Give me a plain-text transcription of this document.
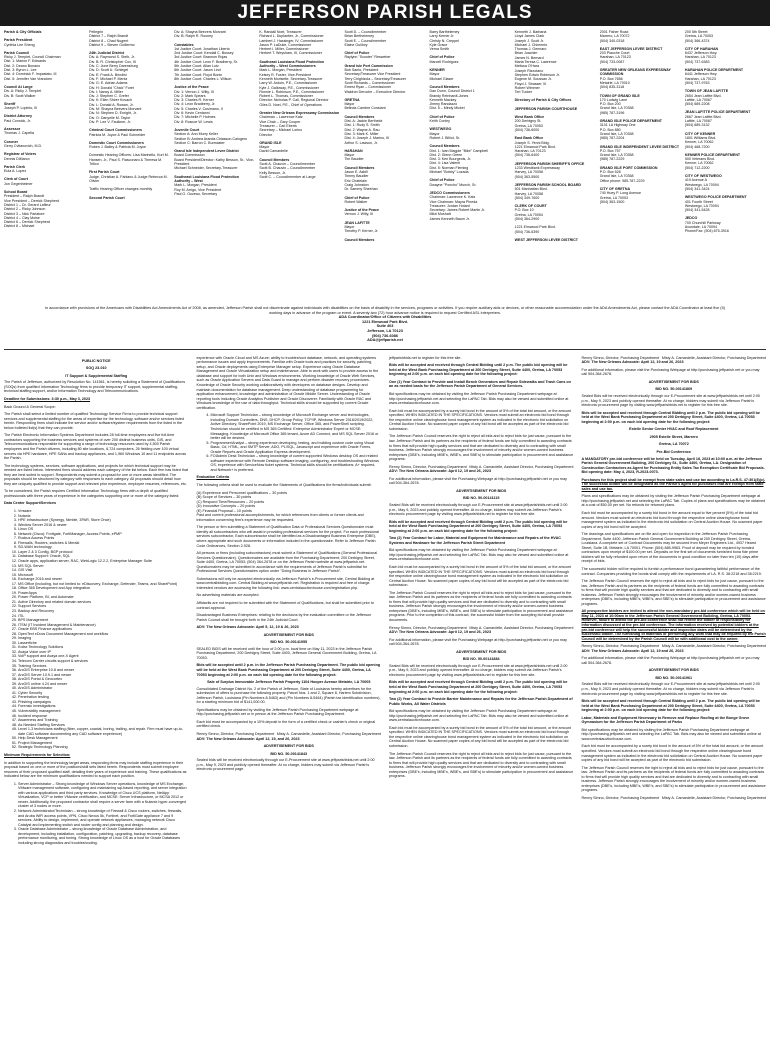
JEFFERSON PARISH LEGALS
Parish & City Officials
Parish President
Cynthia Lee Sheng
Parish Council
Ricky J. Templet, Council Chairman
Dist. 1: Marion F. Edwards
Dist. 2: Deano Bonano
Dist. 3: Byron L. Lee
Dist. 4: Dominick F. Impastato, III
Dist. 5: Jennifer Van Vrancken
Council At Large
Div. A: Ricky J. Templet
Div. B: Scott Walker
Sheriff
Joseph P. Lopinto, III
District Attorney
Paul Connick, Jr.
Assessor
Thomas J. Capella
Coroner
Gerry Cvitanovich, M.D.
Registrar of Voters
Dennis DiMarco
Parish Clerk
Eula A. Lopez
Clerk of Court
Jon Gegenheimer
School Board
President – Ralph Brandt
Vice President – Derrick Shepherd
District 1 – Dr. Gerard Lafleur
District 2 – Ricky Johnson
District 3 – Nick Parlatore
District 4 – Clay Moise
District 6 – Derrick Shepherd
District 8 – Michael
Pellegrin
District 7 – Ralph Brandt
District 8 – Chad Nugent
District 9 – Steven Guillermo
24th Judicial District
Div. A: Raymond S. Steib, Jr.
Div. B: R. Christopher Cox, III
Div. C: June Berry Darensburg
Div. D: Scott U. Schlegel
Div. E: Frank A. Brindisi
Div. F: Michael P. Mentz
Div. G: E. Adrian Adams
Div. H: Donald "Chick" Foret
Div. I: Nancy A. Miller
Div. J: Stephen C. Grefer
Div. K: Ellen Shirer Kovach
Div. L: Donald A. Rowan, Jr.
Div. M: Shayna Beevers Morvant
Div. N: Stephen D. Enright, Jr.
Div. O: Danyelle M. Taylor
Div. P: Lee V. Faulkner, Jr.
Criminal Court Commissioners
Patricia M. Joyce & Paul Schneider
Domestic Court Commissioners
Ruben J. Bailey & Patricia M. Joyce
Domestic Hearing Officers: Lisa Marinello, Kurt M. Hansen, Jr., Paul S. Fiasconaro & Theresa M. Tritico
First Parish Court
Judge, Christian A. Fabiano & Judge Rebecca M. Olivier
Traffic Hearing Officer changes monthly
Second Parish Court
Div. A: Shayna Beevers Morvant
Div. B: Ralph R. Rooney
Constables
1st Justice Court: Jonathan Liberto
2nd Justice Court: Kendall C. Bussey
3rd Justice Court: Brannon Rojas
4th Justice Court: Leon F. Bradberry, Sr.
5th Justice Court: Allan Lutz
6th Justice Court: Jason Lind
7th Justice Court: Floyd Bonin
8th Justice Court: Charles L. Wilson
Justice of the Peace
Div. 1: Vernon J. Wilty, III
Div. 2: Mark Spears
Div. 3: Charles R. Kerner
Div. 4: Leon Bradberry, Jr.
Div. 5: Charles V. Cusimano, II
Div. 6: Kevin Centanni
Div. 7: Michelle P. Holmes
Div. 8: Roscoe W. Lewis
Juvenile Court
Section A: Ann Murry Keller
Section B: Andrea Aranda Chiasson-Calogero
Section C: Barron C. Burmaster
Grand Isle Independent Levee District
Board Commission
Board President/Director: Kathy Besson, Sr., Vice-President
Michael Schneider, Secretary-Treasurer
Southeast Louisiana Flood Protection Authority – West
Mark L. Morgan, President
Roy M. Arrigo, Vice President
Paul G. Ouzeau, Secretary
K. Randall Noel, Treasurer
Richard L. Duplantier, Jr., Commissioner
Lambert J. Hassinger, IV, Commissioner
Jason P. LaDuke, Commissioner
Herbert I. Miller, Commissioner
Herbert T. Weysham, III, Commissioner
Southeast Louisiana Flood Protection Authority – West Commissioners
Mark L. Morgan, President
Kelsey R. Foster, Vice-President
Kenneth Morisette, Secretary-Treasurer
Larry W. Ardoin, P.E., Commissioner
Kyle J. Galloway, P.E., Commissioner
Ronnie L. Robinson, P.E., Commissioner
Robert L. Thomas, Commissioner
Director: Nicholas P. Cali, Regional Director
Giles D. Noel, P.E., Chief of Operations
Greater New Orleans Expressway Commission
Chairman – Lawrence Katz
Vice Chair – Gary Cooper
Treasurer – Carl Eberts
Secretary – Michael Lorino
Director
GRAND ISLE
Mayor
David Camardelle
Council Members
Scott A. Chauvin – Councilmember
Scott B. Chauvin – Councilmember
Kelly Besson, Jr.
Scott C. – Councilmember at Large
Scott D. – Councilmember
Brian Berthelemey
Scott E. – Councilmember
Elaine Guillory
Chief of Police
Raylynn "Scooter" Resweber
Grand Isle Port Commission
Bob Santo, President
Secretary/Treasurer Vice President
Terry Chighizola – Secretary/Treasurer
Scott Richards – Commissioner
Ernest Ryan – Commissioner
Waldron Deroche – Executive Director
GRETNA
Mayor
Belinda Cambre Constant
Council Members
Dist. A: Jackie Berthelot
Dist. 1: Rudy S. Smith
Dist. 2: Wayne A. Rau
Dist. 3: Mark K. Miller
Dist. 4: Joseph J. Marino, III
Arthur S. Lawson, Jr.
HARAHAN
Mayor
Tim Baudier
Council Members
Jason E. Asbill
Timmy Baudier
Eric Chatelain
Craig Johnston
Dr. Sammy Sheehan
Chief of Police
Robert Walker
Justice of the Peace
Vernon J. Wilty, III
JEAN LAFITTE
Mayor
Timothy P. Kerner, Jr.
Council Members
Barry Barthelemey
Larry Kerner Jr.
Christy N. Creppel
Kyle Grace
Verna Smith
Chief of Police
Marcell Rodriguez
KENNER
Mayor
Michael Glaser
Council Members
Dan Dunn, Council District 1
Brandy Reinhardt-Jones
Kenneth Mackey
Jimmy Randazzo
Dist. 5 – Mindy Mickel
Chief of Police
Keith Conley
WESTWEGO
Mayor
Robert J. Billiot, Sr.
Council Members
Dist. 1: Ivan Magpie "Bike" Campbell
Dist. 2: Glenn Green
Dist. 3: Ken Bourgeois, Jr.
Dist. 4: Lisa Valenti
Dist. 5: Norman Fleming
Michael "Bobby" Lozada
Chief of Police
Dwayne "Poncho" Munch, Sr.
JEDCO Commissioners
Chairman: Lawrence K. Katz
Vice Chairman: Mayra Pineda
Treasurer: Jordan Hotard
Secretary: James Robert Martin Jr.
Mitzi Mushatt
James Kenneth Baum Jr.
Kenneth J. Barbaria
Lloyd James Clark
Joseph J. Scott Jr.
Michael J. Chimento
Thomas J. Gennaro
Brian Joachim
James N. Bernard
Maria Teresa C. Lawrence
Melissa O'Hara
Joseph Rizzotano
Stephen Edwin Robinson Jr.
Eugene M. Soussan Jr.
Floyd J. Strasser, III
Robert Wimmer
Teri Tucker
Directory of Parish & City Offices
JEFFERSON PARISH COURTHOUSE
West Bank Office
200 Derbigny St.
Gretna, LA 70053
(504) 736-6000
East Bank Office
Joseph S. Yenni Bldg.
1221 Elmwood Park Blvd.
Harahan, LA 70123
(504) 736-6400
JEFFERSON PARISH SHERIFF'S OFFICE
1233 Westbank Expressway
Harvey, LA 70058
(504) 363-5500
JEFFERSON PARISH SCHOOL BOARD
501 Manhattan Blvd.
Harvey, LA 70058
(504) 349-7600
CLERK OF COURT
P.O. Box 10
Gretna, LA 70054
(504) 364-2900
1221 Elmwood Park Blvd.
(504) 736-6390
WEST JEFFERSON LEVEE DISTRICT
2001 Fisher Road
Marrero, LA 70072
(504) 340-0318
EAST JEFFERSON LEVEE DISTRICT
203 Plauche Court
Harahan, LA 70123
(504) 733-0087
GREATER NEW ORLEANS EXPRESSWAY COMMISSION
P.O. Box 7656
Metairie, LA 70010
(504) 835-3118
TOWN OF GRAND ISLE
170 Ludwig Lane
P.O. Box 200
Grand Isle, LA 70358
(985) 787-3196
GRAND ISLE POLICE DEPARTMENT
3101 LA Highway One
P.O. Box 880
Grand Isle, LA 70358
(985) 787-2204
GRAND ISLE INDEPENDENT LEVEE DISTRICT
P.O. Box 757
Grand Isle, LA 70358
(985) 787-2229
GRAND ISLE PORT COMMISSION
P.O. Box 528
Grand Isle, LA 70358
Office phone: 985-787-2229
CITY OF GRETNA
740 Huey P. Long Avenue
Gretna, LA 70053
(504) 363-1500
200 5th Street
Gretna, LA 70053
(504) 366-4374
CITY OF HARAHAN
6437 Jefferson Hwy.
Harahan, LA 70123
(504) 737-6383
HARAHAN POLICE DEPARTMENT
6441 Jefferson Hwy.
Harahan, LA 70123
(504) 737-9763
TOWN OF JEAN LAFITTE
2654 Jean Lafitte Blvd.
Lafitte, LA 70067
(504) 689-2208
JEAN LAFITTE POLICE DEPARTMENT
2667 Jean Lafitte Blvd.
Lafitte, LA 70067
(504) 689-3132
CITY OF KENNER
1801 Williams Blvd.
Kenner, LA 70062
(504) 468-7200
KENNER POLICE DEPARTMENT
500 Veterans Blvd.
Kenner, LA 70062
(504) 712-2200
CITY OF WESTWEGO
419 Avenue A
Westwego, LA 70094
(504) 341-3424
WESTWEGO POLICE DEPARTMENT
401 Fourth Street
Westwego, LA 70094
(504) 341-5428
JEDCO
700 Churchill Parkway
Avondale, LA 70094
Phone/Fax: (504) 875-3916
In accordance with provisions of the Americans with Disabilities Act Amendments Act of 2008, as amended, Jefferson Parish shall not discriminate against individuals with disabilities on the basis of disability in the services, programs or activities. If you require auxiliary aids or devices, or other reasonable accommodation under the ADA Amendments Act, please contact the ADA Coordinator at least five (5) working days in advance of the program or event. A seventy-two (72) hour advance notice is required to request Certified ASL interpreters.
ADA Coordinator/Office of Citizens with Disabilities
1221 Elmwood Park Blvd.
Suite 403
Jefferson, LA 70123
(504) 736-6086
ADA@jeffparish.net
PUBLIC NOTICE
SOQ 23-010
IT Support & Supplemental Staffing

The Parish of Jefferson, authorized by Resolution No. 141561, is hereby soliciting a Statement of Qualifications (SOQs) from qualified Information Technology firms to provide temporary IT support, supplemental staffing, technical staffing support, and/or Information Technology and Telecommunications.

Deadline for Submissions: 3:30 p.m., May 3, 2023

Back Ground & General Scope:

The Parish shall select a limited number of qualified Technology Service Firms to provide technical support services and supplemental staffing for the areas of expertise for the technology, software and/or services listed herein. Responding firms shall indicate the service and/or software/system requirements from the listed in the below bulleted list(s) that they can provide.

The Parish Electronic Information Systems Department includes 28 full-time employees and five full-time contractors supporting the business services and systems of over 200 distinct business units, GIS, and Telecommunications responsible for supporting a range of technology resources used by 4,500 Parish employees and the Parish citizens, including 80 site locations, 6,724 computers, 26 fielding over 100 virtual servers via HPE hardware, HPE SANs and backup appliances, and 1,960 Windows 10 and 11 endpoints across the Parish.

The technology systems, services, software applications, and projects for which technical support may be needed are listed below. Interested firms should address each category of the list below. Each firm has listed that they are best suited to support. Respondents may submit a proposal for one or more areas identified. The proposals should be structured by category with responses to each category. All proposals should detail how they are uniquely qualified to provide support and relevant prior experience, employee resumes, references, etc.

To be considered, the Parish requires Certified Information Technology firms with a depth of qualified professionals with three years of experience in the categories supporting one or more of the category listed:

Data Center Support/Services

1. Vmware
2. Nutanix
3. HPE Infrastructure (Synergy, Nimble, 3PAR, Store Once)
4. Window Server 2016 & newer
5. Linux OS
6. Network (Cisco): Fortigate, FortiManager, Access Points, ePMP
7. Ruckus Access Points
8. Firewalls, Routers, switches & Meraki
9. SD-WAN technology
10. Layer 2 & 3 Config, BGP protocol
11. Database Support: Oracle, SQL
12. Oracle apps, application server, RAC, WebLogic 12.2.2, Enterprise Manager Suite
13. MS SQL Server
14. GIS Visit
15. Microsoft
16. Exchange 2016 and newer
17. MS Office (including, but not limited to: eDiscovery, Exchange, Defender, Teams, and SharePoint)
18. Office 365 Development and App integration
19. PowerApps
20. Power Platform, BI, and Automate
21. Active Directory and related domain services
22. Support Services
23. Backup and Recovery
24. ITIL
25. BPS Management
26. ITSM (IT Incident Management & Maintenance)
27. Oracle EBS Finance applications
28. OpenText eDocs Document Management and workflow
29. Imaging
30. Lasserfiche
31. Kofax Technology Solutions
32. Avaya Voice over IP
33. VoIP support and Avaya one-X Agent
34. Telecom Carrier circuits support & services
35. Training Services
36. ArcGIS Enterprise 10.8 and newer
37. ArcGIS Server 10.9.1 and newer
38. ArcGIS Portal & Geocortex
39. ArcGIS online 4.24 and newer
40. ArcGIS Administrator
41. Cyber Security
42. Penetration testing
43. Phishing campaigns
44. Forensic investigations
45. Vulnerability management
46. Incident response
47. Awareness and Training
48. As Needed Staffing Services
49. Level 1-3 technicians staffing (fiber, copper, coaxial, boring, trailing, and repair. Firm must have up-to-date CAD software documenting any CAD software experience)
50. Help Desk Management
51. Project Management
52. Strategic Technology Planning

Minimum Requirements for Selection:

In addition to supporting the technology target areas, responding firms may include staffing experience in their proposal based on one or more of the positions/skill sets listed herein. Respondents must submit employee resumes of their proposed qualified staff, detailing their years of experience and training. These qualifications as indicated below are the minimum qualifications needed to support each position.

1. Server Administrator – Strong knowledge of Windows Server operations, knowledge of MS Exchange, VMware management software, configuring and maintaining sql-based reporting, and server integration with various applications and third party services. Knowledge of Cisco UCS platform, NetApp Virtualization, VCP or better VMware certification, and MCSE: Server Infrastructure, or MCSA 2012 or newer. Additionally, the proposed contractor shall require a server farm with a Nutanix hyper-converged cluster of 3 nodes or more.
2. Network Administrator/Technician – strong knowledge of Firewall & Cisco routers, switches, firewalls, and Aruba WiFi access points, VPN, Cisco Nexus 5k, Fortinet, and FortiGate appliance 7 and 9 services. Ability to design, implement, and operate network appliances, managing network Cisco Catalyst and implementing switch and router config and planning and design.
3. Oracle Database Administrator – strong knowledge of Oracle Database Administration, and development, including installation, configuration, patching, upgrading, backup recovery, database performance monitoring, and tuning. Strong knowledge of Linux OS as a host for Oracle Databases including strong diagnostics and troubleshooting.

experience with Oracle Cloud and MS Azure; ability to troubleshoot database, network, and operating systems performance issues and apply improvements. Familiar with Oracle tools and practices for security, patching, setup, and Oracle deployments using Enterprise Manager setup. Experience using Oracle Database Management and Oracle Virtualization setup and maintenance. Able to work with users to provide access to the database and support for both Unix and Windows environments. Working knowledge of Oracle Web Services, such as Oracle Application Servers and Data Guard to manage and perform disaster recovery procedures. Knowledge of Oracle Security working collaboratively with developers on database designs. Develop and maintain documentation for database management. Deep understanding of database programming for application enhancement, knowledge and administration of Oracle Middle Server. Understanding of Oracle reporting tools including Oracle Analytics Publisher and Oracle Discoverer. Familiarity with Oracle RAC and Windows knowledge of the use of data throughput. Technical skills should be supported by current Oracle certification.

4. Microsoft Support Technician – strong knowledge of Microsoft Exchange server and technologies, including Domain Controllers, DNS, DHCP, Group Policy, TCP/IP, Windows Server 2016/2019/2022, Active Directory, SharePoint 2019, MS Exchange Server, Office 365, and PowerShell scripting. Technician should be certified in MS 365 Certified: Enterprise Administrator Expert or MCSE: Messaging. Knowledge of Microsoft Office 365 tenant, Azure AD Connect, and MS SQL Server 2016 or better will be desired.
5. Programmer/Analyst – strong experience developing, testing, and building custom code using Visual Basic, C#, HTML, and SMTP Server, ADO, PL/SQL, Javascript and experience with Oracle Forms, Oracle Reports and Oracle Application Express development.
6. FOIAdmin Desk Technician – strong knowledge of current supported Windows desktop OS and related software experience with Remote Desktop software imaging, configuring, and troubleshooting Windows OS, experience with ServiceNow ticket systems. Technical skills should be certifications: A+ required, and Network+ is preferred.

Evaluation Criteria

The following criteria shall be used to evaluate the Statements of Qualifications the firms/individuals submit:

(A) Experience and Personnel qualifications – 30 points
(B) Scope of Services – 30 points
(C) Respond Time/Resources – 20 points
(D) Innovative Concepts – 20 points
(E) Financial Proposal – 10 points

Past and current professional accomplishments, for which references from clients or former clients and information concerning firm's experience may be requested.

The person or firm submitting a Statement of Qualification Data or Professional Services Questionnaire must identify all subcontractors who will assist in providing professional services for the project. For each professional services subcontractor, Each subcontractor shall be identified as a Disadvantaged Business Enterprise (DBE), where appropriate and such documents or information included in the questionnaire. Refer to Jefferson Parish Code Ordinances, Section 2-928.

All persons or firms (including subcontractors) must submit a Statement of Qualifications (General Professional Services Questionnaire). Questionnaires are available from the Purchasing Department; 200 Derbigny Street, Suite 4400, Gretna, LA 70053; (504) 364-2678 or on the Jefferson Parish website at www.jeffparish.net. Questionnaires may be submitted in accordance with the requirements of Jefferson Parish's submittal for Professional Services Questionnaires option under "Doing Business in Jefferson Parish".

Submissions will only be accepted electronically via Jefferson Parish's e-Procurement site, Central Bidding at www.centralbidding.com. Central Bidding at www.jeffparish.net. Registration is required and free of charge. Interested vendors are accessing the following link: www.centralauctionhouse.com/registration.php.

No advertising materials are accepted.

Affidavits are not required to be submitted with the Statement of Qualifications, but shall be submitted prior to contract approval.

Disadvantaged Business Enterprises: relating to the decisions by the evaluation committee or the Jefferson Parish Council shall be brought forth in the 24th Judicial Court.

ADV: The New Orleans Advocate: April 5, 12, 19 & 26, 2023

ADVERTISEMENT FOR BIDS
BID NO. 50-00141955

SEALED BIDS will be received until the hour of 2:00 p.m. local time on May 11, 2023 in the Jefferson Parish Purchasing Department, 200 Derbigny Street, Suite 4400, Jefferson General Government Building, Gretna, LA 70053.

Bids will be accepted until 2 p.m. in the Jefferson Parish Purchasing Department. The public bid opening will be held at the West Bank Purchasing Department at 200 Derbigny Street, Suite 4400, Gretna, LA 70053 beginning at 2:00 p.m. on each bid opening date for the following project:

Sale of Surplus Immovable Jefferson Parish Property 1104 Hooper Avenue Metairie, LA 70005

Consolidated Drainage District No. 2 of the Parish of Jefferson, State of Louisiana hereby advertises for the submission of offers to purchase the following property, Parcel Nos. 1 and 2, Square 8, Harlem Subdivision, Jefferson Parish, Louisiana (Pin Numbers 8-5463) and (Pin Numbers 8-5464) (Parish tax identification numbers), for a starting minimum bid of $141,000.00.

Specifications may be obtained by visiting the Jefferson Parish Purchasing Department webpage at http://purchasing.jeffparish.net or in person at the Jefferson Parish Purchasing Department.

Each bid must be accompanied by a 10% deposit in the form of a certified check or cashier's check or original certified check.

Renny Simno, Director, Purchasing Department Misty A. Camardelle, Assistant Director, Purchasing Department

ADV: The New Orleans Advocate: April 12, 19, and 26, 2023

ADVERTISEMENT FOR BIDS
BID NO. 50-00141843

Sealed bids will be received electronically through our E-Procurement site at www.jeffparishbids.net until 2:00 p.m., May 9, 2023 and publicly opened thereafter. At no charge, bidders may submit via Jefferson Parish's electronic procurement page.

jeffparishbids.net to register for this free site.

Bids will be accepted and received through Central Bidding until 2 p.m. The public bid opening will be held at the West Bank Purchasing Department at 200 Derbigny Street, Suite 4400, Gretna, LA 70053 beginning at 2:00 p.m. on each bid opening date for the following project:

One (1) Year Contract to Provide and Install Bench Generators and Repair Sidewalks and Trash Cans on an as needed basis for the Jefferson Parish Department of General Services.

Bid specifications may be obtained by visiting the Jefferson Parish Purchasing Department webpage at http://purchasing.jeffparish.net and selecting the LaPAC Tab. Bids may also be viewed and submitted online at www.centralauctionhouse.com.

Each bid must be accompanied by a surety bid bond in the amount of 5% of the total bid amount, or the amount specified. WHEN INDICATED IN THE SPECIFICATIONS. Vendors must submit an electronic bid bond through the respective online clearinghouse bond management system as indicated in the electronic bid solicitation on Central Auction House. No scanned paper copies of any bid bond will be accepted as part of the electronic bid submission.

The Jefferson Parish Council reserves the right to reject all bids and to reject bids for just cause, pursuant to the law. Jefferson Parish and its partners as the recipients of federal funds are fully committed to awarding contracts to firms that will provide high quality services and that are dedicated to diversity and to contracting with small business. Jefferson Parish strongly encourages the involvement of minority and/or women-owned business enterprises (DBE's, including MBE's, WBE's, and SBE's) to stimulate participation in procurement and assistance programs.

Renny Simno, Director, Purchasing Department Misty A. Camardelle, Assistant Director, Purchasing Department

ADV: The New Orleans Advocate: April 12, 19 and 26, 2023

For additional information, please visit the Purchasing Webpage at http://purchasing.jeffparish.net or you may call 504-364-2678.

ADVERTISEMENT FOR BIDS
BID NO. 50-00141115

Sealed Bids will be received electronically through our E-Procurement site at www.jeffparishbids.net until 2:00 p.m., May 9, 2023 and publicly opened thereafter. At no charge, bidders may submit via Jefferson Parish's electronic procurement page by visiting www.jeffparishbids.net to register for this free site.

Bids will be accepted and received through Central Bidding until 2 p.m. The public bid opening will be held at the West Bank Purchasing Department at 200 Derbigny Street, Suite 4400, Gretna, LA 70053 beginning at 2:00 p.m. on each bid opening date for the following project:

Two (2) Year Contract for Labor, Material and Equipment for Maintenance and Repairs of the HVAC Systems and Hardware for the Jefferson Parish Street Department

Bid specifications may be obtained by visiting the Jefferson Parish Purchasing Department webpage at http://purchasing.jeffparish.net and selecting the LaPAC Tab. Bids may also be viewed and submitted online at www.centralauctionhouse.com.

Each bid must be accompanied by a surety bid bond in the amount of 5% of the total bid amount, or the amount specified. WHEN INDICATED IN THE SPECIFICATIONS. Vendors must submit an electronic bid bond through the respective online clearinghouse bond management system as indicated in the electronic bid solicitation on Central Auction House. No scanned paper copies of any bid bond will be accepted as part of the electronic bid submission.

The Jefferson Parish Council reserves the right to reject all bids and to reject bids for just cause, pursuant to the law. Jefferson Parish and its partners as the recipients of federal funds are fully committed to awarding contracts to firms that will provide high quality services and that are dedicated to diversity and to contracting with small business. Jefferson Parish strongly encourages the involvement of minority and/or women-owned business enterprises (DBE's, including MBE's, WBE's, and SBE's) to stimulate participation in procurement and assistance programs. Prior to the completion of this contract, the successful bidder from the accepting bid shall provide documents.

Renny Simno, Director, Purchasing Department Misty A. Camardelle, Assistant Director, Purchasing Department

ADV: The New Orleans Advocate: April 12, 19 and 26, 2023

For additional information, please visit the Purchasing Webpage at http://purchasing.jeffparish.net or you may call 504-364-2678.

ADVERTISEMENT FOR BIDS
BID NO. 50-00141884

Sealed Bids will be received electronically through our E-Procurement site at www.jeffparishbids.net until 2:00 p.m., May 9, 2023 and publicly opened thereafter. At no charge, bidders may submit via Jefferson Parish's electronic procurement page by visiting www.jeffparishbids.net to register for this free site.

Bids will be accepted and received through Central Bidding until 2 p.m. The public bid opening will be held at the West Bank Purchasing Department at 200 Derbigny Street, Suite 4400, Gretna, LA 70053 beginning at 2:00 p.m. on each bid opening date for the following project:

Two (2) Year Contract to Provide Barrier Maintenance and Repairs for the Jefferson Parish Department of Public Works, All Water Districts

Bid specifications may be obtained by visiting the Jefferson Parish Purchasing Department webpage at http://purchasing.jeffparish.net and selecting the LaPAC Tab. Bids may also be viewed and submitted online at www.centralauctionhouse.com.

Each bid must be accompanied by a surety bid bond in the amount of 5% of the total bid amount, or the amount specified. WHEN INDICATED IN THE SPECIFICATIONS. Vendors must submit an electronic bid bond through the respective online clearinghouse bond management system as indicated in the electronic bid solicitation on Central Auction House. No scanned paper copies of any bid bond will be accepted as part of the electronic bid submission.

The Jefferson Parish Council reserves the right to reject all bids and to reject bids for just cause, pursuant to the law. Jefferson Parish and its partners as the recipients of federal funds are fully committed to awarding contracts to firms that will provide high quality services and that are dedicated to diversity and to contracting with small business. Jefferson Parish strongly encourages the involvement of minority and/or women-owned business enterprises (DBE's, including MBE's, WBE's, and SBE's) to stimulate participation in procurement and assistance programs.

Renny Simno, Director, Purchasing Department Misty A. Camardelle, Assistant Director, Purchasing Department

ADV: The New Orleans Advocate: April 12, 19 and 26, 2023

For additional information, please visit the Purchasing Webpage at http://purchasing.jeffparish.net or you may call 504-364-2678.

ADVERTISEMENT FOR BIDS
BID NO. 50-00141869

Sealed Bids will be received electronically through our E-Procurement site at www.jeffparishbids.net until 2:00 p.m., May 9, 2023 and publicly opened thereafter. At no charge, bidders may submit via Jefferson Parish's electronic procurement page by visiting www.jeffparishbids.net to register for this free site.

Bids will be accepted and received through Central Bidding until 2 p.m. The public bid opening will be held at the West Bank Purchasing Department at 200 Derbigny Street, Suite 4400, Gretna, LA 70053 beginning at 2:00 p.m. on each bid opening date for the following project:

Estelle Senior Center HVAC and Roof Replacement
2905 Estelle Street, Marrero
Gretna, LA 70072
Pre-Bid Conference

A MANDATORY pre-bid conference will be held on Tuesday, April 18, 2023 at 10:00 a.m. at the Jefferson Parish General Government Building, 200 Derbigny St., Suite 4400, Gretna, LA. Designation of Construction Contractors as Agent for Purchasing Entity Sales Tax Exemption Certificate Bid Proposals. Bid opening date: May 4, 2023, R-2023-0073.

Purchases for this project shall be exempt from state sales and use tax according to La.R.S. 47:301(8)(c). The successful bidder will be designated as the Parish's agent for purchases that are exempt from state sales and use tax.

Plans and specifications may be obtained by visiting the Jefferson Parish Purchasing Department webpage at http://purchasing.jeffparish.net and selecting the LaPAC Tab. Copies of plans and specifications may be obtained at a cost of $50.00 per set. No refunds for returned plans.

Each bid must be accompanied by a surety bid bond in the amount equal to five percent (5%) of the total bid amount. Vendors must submit an electronic bid bond through the respective online clearinghouse bond management system as indicated in the electronic bid solicitation on Central Auction House. No scanned paper copies of any bid bond will be accepted.

The drawings and specifications are on file and open for inspection in the Jefferson Parish Purchasing Department, Suite 4400, Jefferson Parish General Government Building at 200 Derbigny Street, Gretna, Louisiana. A complete set of Contract Documents may be secured from Meyer Engineers Ltd., 4937 Hearst Street, Suite 1B, Metairie, LA 70001. Phone: (504) 885-9963. Proof of deposit may be required by bonded contractors upon receipt of $100.00 per set. Deposits on the first set of documents furnished bona fide prime bidders will be fully refunded upon return of the documents in good condition no later than ten (10) days after receipt of bids.

The successful bidder will be required to furnish a performance bond guaranteeing faithful performance of the contract. Companies providing the bonds shall comply with the requirements of LA. R.S. 38:2218 and 38:2219.

The Jefferson Parish Council reserves the right to reject all bids and to reject bids for just cause, pursuant to the law. Jefferson Parish and its partners as the recipients of federal funds are fully committed to awarding contracts to firms that will provide high quality services and that are dedicated to diversity and to contracting with small business. Jefferson Parish strongly encourages the involvement of minority and/or women-owned business enterprises (DBE's, including MBE's, WBE's, and SBE's) to stimulate participation in procurement and assistance programs.

All prospective bidders are invited to attend the non-mandatory pre-bid conference which will be held on May 11, 2023 at 10:00am in the Jefferson Parish General Government Building, Gretna, LA 70053. However, failure to attend the pre-bid conference shall not relieve the bidder of responsibility for information discussed at the pre-bid conference. The information received by potential bidders at the pre-bid conference will help the successful bidder and inspection dates will be determined by the successful bidder. The furnishing of materials or performing any work that may be required by the Parish Council will be determined by the Parish Council will be with additional cost to the owner.

Renny Simno, Director, Purchasing Department Misty A. Camardelle, Assistant Director, Purchasing Department

ADV: The New Orleans Advocate: April 12, 19 and 26, 2023

For additional information, please visit the Purchasing Webpage at http://purchasing.jeffparish.net or you may call 504-364-2678.

ADVERTISEMENT FOR BIDS
BID NO. 50-00141961

Sealed Bids will be received electronically through our E-Procurement site at www.jeffparishbids.net until 2:00 p.m., May 9, 2023 and publicly opened thereafter. At no charge, bidders may submit via Jefferson Parish's electronic procurement page by visiting www.jeffparishbids.net to register for this free site.

Bids will be accepted and received through Central Bidding until 2 p.m. The public bid opening will be held at the West Bank Purchasing Department at 200 Derbigny Street, Suite 4400, Gretna, LA 70053 beginning at 2:00 p.m. on each bid opening date for the following project:

Labor, Materials and Equipment Necessary to Remove and Replace Roofing at the Bonge Grove Gymnasium for the Jefferson Parish Department of Parks

Bid specifications may be obtained by visiting the Jefferson Parish Purchasing Department webpage at http://purchasing.jeffparish.net and selecting the LaPAC Tab. Bids may also be viewed and submitted online at www.centralauctionhouse.com.

Each bid must be accompanied by a surety bid bond in the amount of 5% of the total bid amount, or the amount specified. Vendors must submit an electronic bid bond through the respective online clearinghouse bond management system as indicated in the electronic bid solicitation on Central Auction House. No scanned paper copies of any bid bond will be accepted as part of the electronic bid submission.

The Jefferson Parish Council reserves the right to reject all bids and to reject bids for just cause, pursuant to the law. Jefferson Parish and its partners as the recipients of federal funds are fully committed to awarding contracts to firms that will provide high quality services and that are dedicated to diversity and to contracting with small business. Jefferson Parish strongly encourages the involvement of minority and/or women-owned business enterprises (DBE's, including MBE's, WBE's, and SBE's) to stimulate participation in procurement and assistance programs.

Renny Simno, Director, Purchasing Department Misty A. Camardelle, Assistant Director, Purchasing Department
